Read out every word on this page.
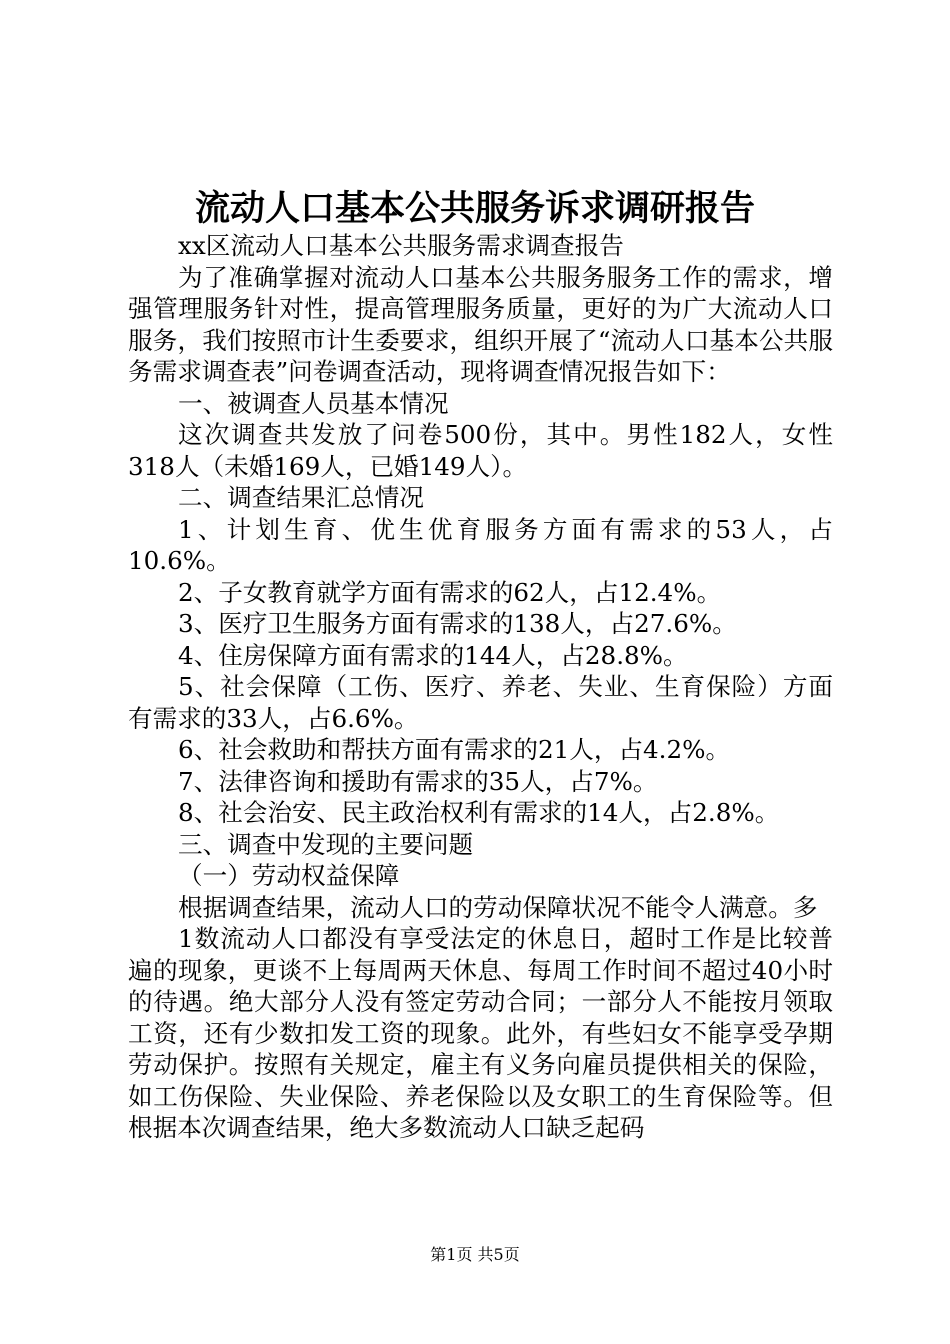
流动人口基本公共服务诉求调研报告

xx区流动人口基本公共服务需求调查报告

为了准确掌握对流动人口基本公共服务服务工作的需求，增强管理服务针对性，提高管理服务质量，更好的为广大流动人口服务，我们按照市计生委要求，组织开展了“流动人口基本公共服务需求调查表”问卷调查活动，现将调查情况报告如下：

一、被调查人员基本情况

这次调查共发放了问卷500份，其中。男性182人，女性318人（未婚169人，已婚149人）。

二、调查结果汇总情况

1、计划生育、优生优育服务方面有需求的53人，占10.6%。

2、子女教育就学方面有需求的62人，占12.4%。

3、医疗卫生服务方面有需求的138人，占27.6%。

4、住房保障方面有需求的144人，占28.8%。

5、社会保障（工伤、医疗、养老、失业、生育保险）方面有需求的33人，占6.6%。

6、社会救助和帮扶方面有需求的21人，占4.2%。

7、法律咨询和援助有需求的35人，占7%。

8、社会治安、民主政治权利有需求的14人，占2.8%。

三、调查中发现的主要问题

（一）劳动权益保障

根据调查结果，流动人口的劳动保障状况不能令人满意。多

1数流动人口都没有享受法定的休息日，超时工作是比较普遍的现象，更谈不上每周两天休息、每周工作时间不超过40小时的待遇。绝大部分人没有签定劳动合同；一部分人不能按月领取工资，还有少数扣发工资的现象。此外，有些妇女不能享受孕期劳动保护。按照有关规定，雇主有义务向雇员提供相关的保险，如工伤保险、失业保险、养老保险以及女职工的生育保险等。但根据本次调查结果，绝大多数流动人口缺乏起码

第1页 共5页
